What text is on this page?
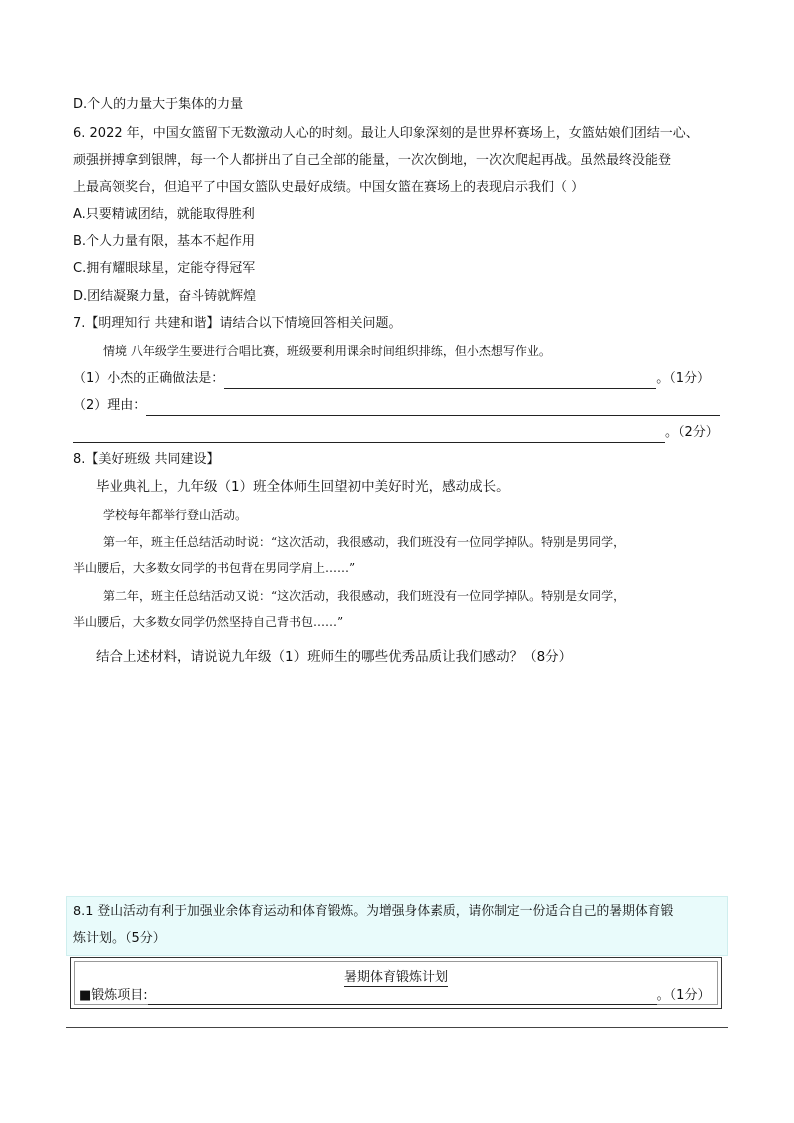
D.个人的力量大于集体的力量
6. 2022 年，中国女篮留下无数激动人心的时刻。最让人印象深刻的是世界杯赛场上，女篮姑娘们团结一心、
顽强拼搏拿到银牌，每一个人都拼出了自己全部的能量，一次次倒地，一次次爬起再战。虽然最终没能登
上最高领奖台，但追平了中国女篮队史最好成绩。中国女篮在赛场上的表现启示我们（ ）
A.只要精诚团结，就能取得胜利
B.个人力量有限，基本不起作用
C.拥有耀眼球星，定能夺得冠军
D.团结凝聚力量，奋斗铸就辉煌
7.【明理知行 共建和谐】请结合以下情境回答相关问题。
情境 八年级学生要进行合唱比赛，班级要利用课余时间组织排练，但小杰想写作业。
（1）小杰的正确做法是：	。（1分）
（2）理由：
。（2分）
8.【美好班级 共同建设】
毕业典礼上，九年级（1）班全体师生回望初中美好时光，感动成长。
学校每年都举行登山活动。
第一年，班主任总结活动时说：“这次活动，我很感动，我们班没有一位同学掉队。特别是男同学，
半山腰后，大多数女同学的书包背在男同学肩上……”
第二年，班主任总结活动又说：“这次活动，我很感动，我们班没有一位同学掉队。特别是女同学，
半山腰后，大多数女同学仍然坚持自己背书包……”
结合上述材料，请说说九年级（1）班师生的哪些优秀品质让我们感动？（8分）
8.1 登山活动有利于加强业余体育运动和体育锻炼。为增强身体素质，请你制定一份适合自己的暑期体育锻
炼计划。（5分）
暑期体育锻炼计划
■锻炼项目:	。（1分）
